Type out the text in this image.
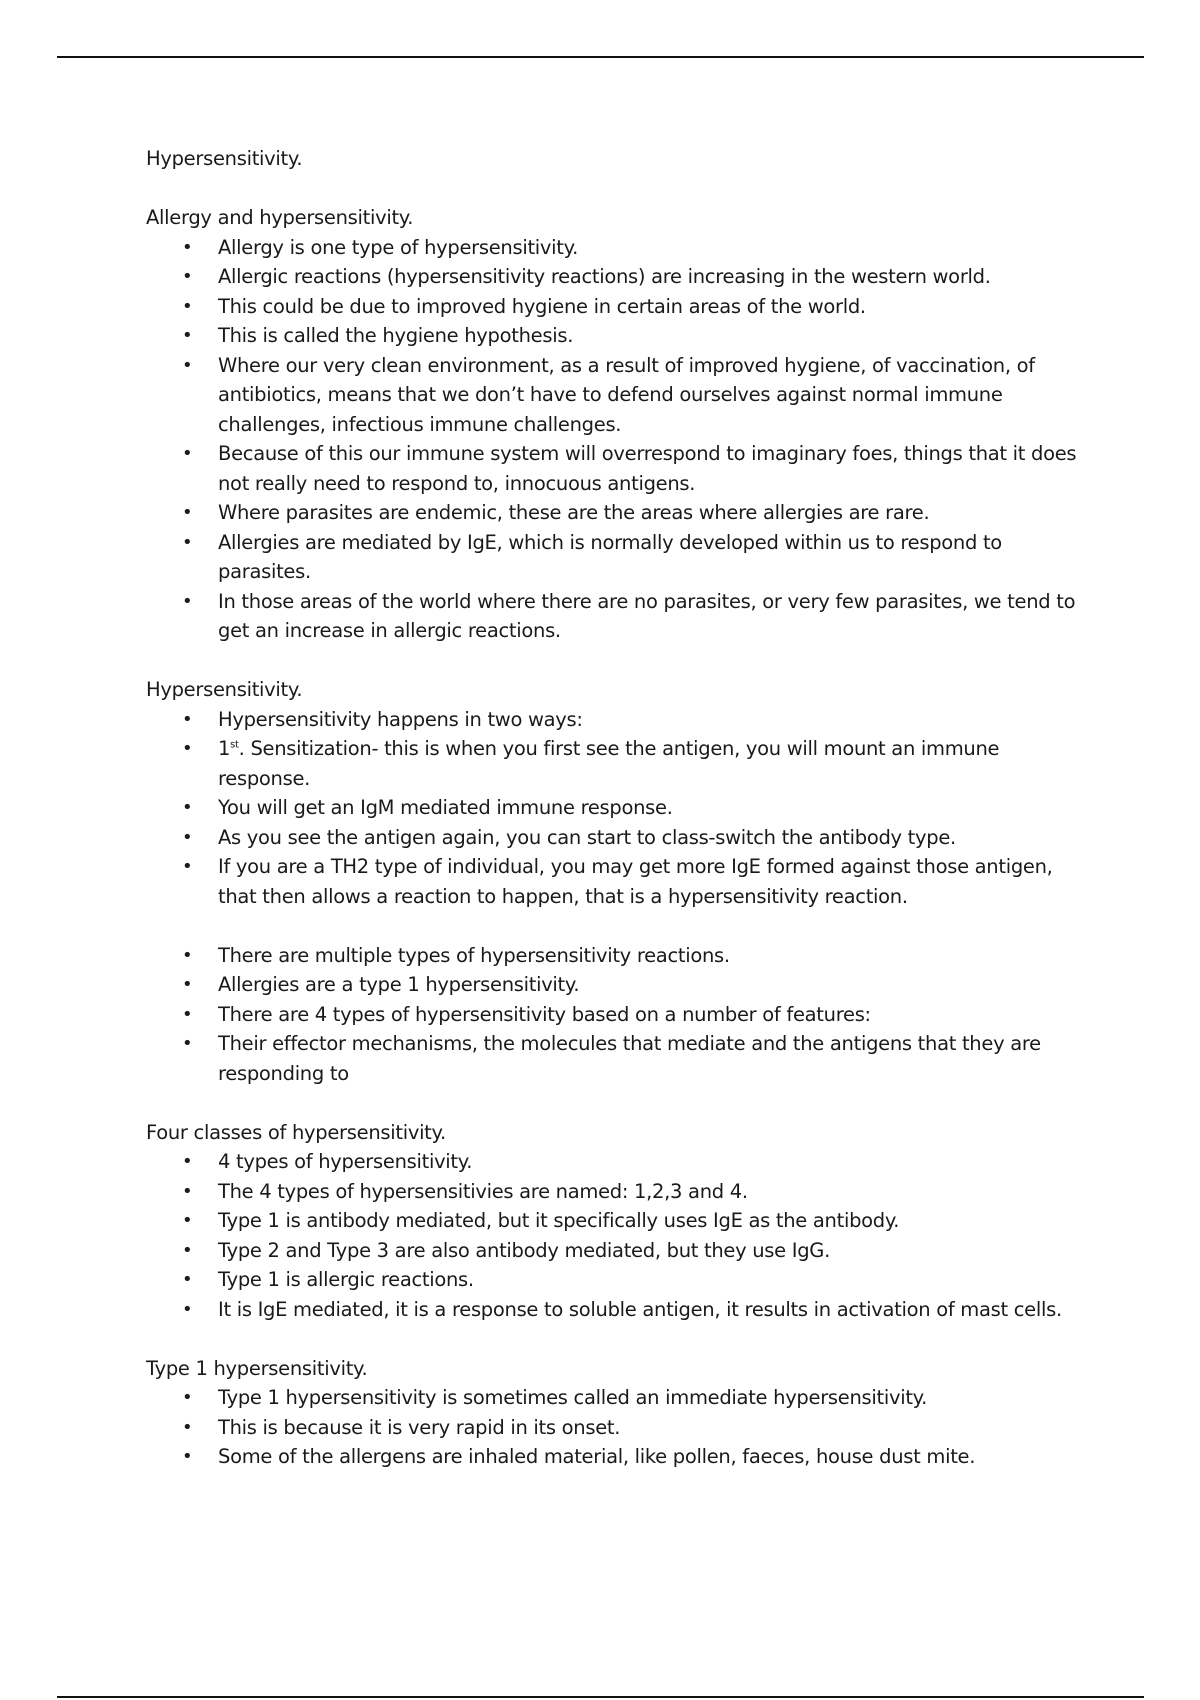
Hypersensitivity.

Allergy and hypersensitivity.

• Allergy is one type of hypersensitivity.
• Allergic reactions (hypersensitivity reactions) are increasing in the western world.
• This could be due to improved hygiene in certain areas of the world.
• This is called the hygiene hypothesis.
• Where our very clean environment, as a result of improved hygiene, of vaccination, of antibiotics, means that we don’t have to defend ourselves against normal immune challenges, infectious immune challenges.
• Because of this our immune system will overrespond to imaginary foes, things that it does not really need to respond to, innocuous antigens.
• Where parasites are endemic, these are the areas where allergies are rare.
• Allergies are mediated by IgE, which is normally developed within us to respond to parasites.
• In those areas of the world where there are no parasites, or very few parasites, we tend to get an increase in allergic reactions.

Hypersensitivity.

• Hypersensitivity happens in two ways:
• 1st. Sensitization- this is when you first see the antigen, you will mount an immune response.
• You will get an IgM mediated immune response.
• As you see the antigen again, you can start to class-switch the antibody type.
• If you are a TH2 type of individual, you may get more IgE formed against those antigen, that then allows a reaction to happen, that is a hypersensitivity reaction.
• There are multiple types of hypersensitivity reactions.
• Allergies are a type 1 hypersensitivity.
• There are 4 types of hypersensitivity based on a number of features:
• Their effector mechanisms, the molecules that mediate and the antigens that they are responding to

Four classes of hypersensitivity.

• 4 types of hypersensitivity.
• The 4 types of hypersensitivies are named: 1,2,3 and 4.
• Type 1 is antibody mediated, but it specifically uses IgE as the antibody.
• Type 2 and Type 3 are also antibody mediated, but they use IgG.
• Type 1 is allergic reactions.
• It is IgE mediated, it is a response to soluble antigen, it results in activation of mast cells.

Type 1 hypersensitivity.

• Type 1 hypersensitivity is sometimes called an immediate hypersensitivity.
• This is because it is very rapid in its onset.
• Some of the allergens are inhaled material, like pollen, faeces, house dust mite.
